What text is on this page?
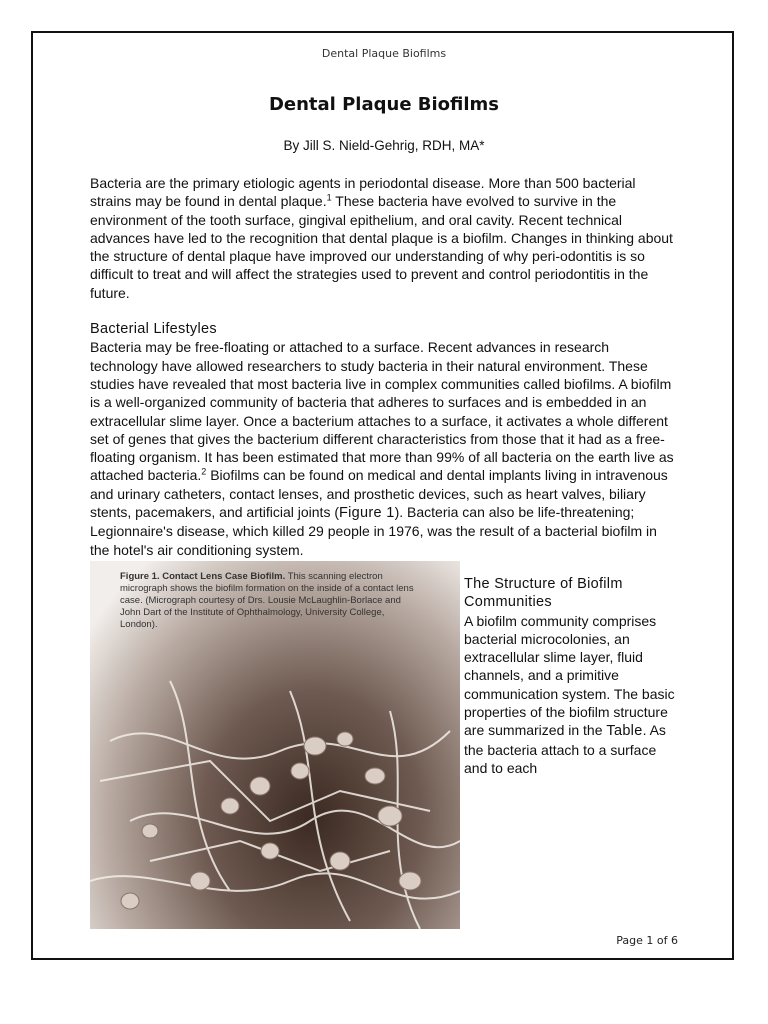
Dental Plaque Biofilms
Dental Plaque Biofilms
By Jill S. Nield-Gehrig, RDH, MA*

Bacteria are the primary etiologic agents in periodontal disease. More than 500 bacterial strains may be found in dental plaque.$^1$ These bacteria have evolved to survive in the environment of the tooth surface, gingival epithelium, and oral cavity. Recent technical advances have led to the recognition that dental plaque is a biofilm. Changes in thinking about the structure of dental plaque have improved our understanding of why peri-odontitis is so difficult to treat and will affect the strategies used to prevent and control periodontitis in the future.

Bacterial Lifestyles

Bacteria may be free-floating or attached to a surface. Recent advances in research technology have allowed researchers to study bacteria in their natural environment. These studies have revealed that most bacteria live in complex communities called biofilms. A biofilm is a well-organized community of bacteria that adheres to surfaces and is embedded in an extracellular slime layer. Once a bacterium attaches to a surface, it activates a whole different set of genes that gives the bacterium different characteristics from those that it had as a free-floating organism. It has been estimated that more than 99% of all bacteria on the earth live as attached bacteria.$^2$ Biofilms can be found on medical and dental implants living in intravenous and urinary catheters, contact lenses, and prosthetic devices, such as heart valves, biliary stents, pacemakers, and artificial joints (Figure 1). Bacteria can also be life-threatening; Legionnaire's disease, which killed 29 people in 1976, was the result of a bacterial biofilm in the hotel's air conditioning system.

Figure 1. Contact Lens Case Biofilm. This scanning electron micrograph shows the biofilm formation on the inside of a contact lens case. (Micrograph courtesy of Drs. Lousie McLaughlin-Borlace and John Dart of the Institute of Ophthalmology, University College, London).

The Structure of Biofilm Communities

A biofilm community comprises bacterial microcolonies, an extracellular slime layer, fluid channels, and a primitive communication system. The basic properties of the biofilm structure are summarized in the Table. As the bacteria attach to a surface and to each

Page 1 of 6
